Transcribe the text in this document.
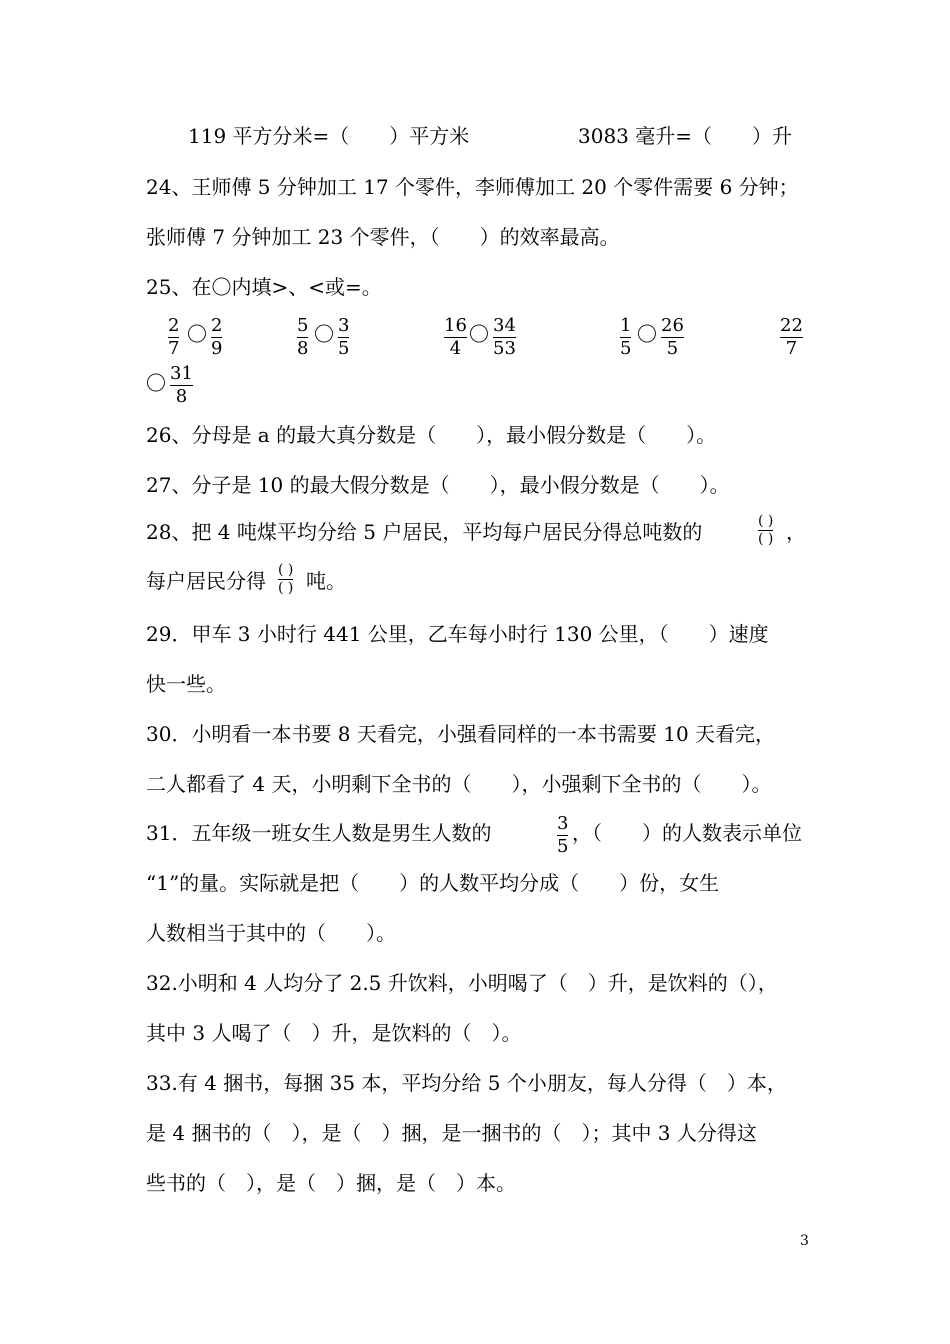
119 平方分米=（　　）平方米	3083 毫升=（　　）升
24、王师傅 5 分钟加工 17 个零件，李师傅加工 20 个零件需要 6 分钟；
张师傅 7 分钟加工 23 个零件，（　　）的效率最高。
25、在〇内填>、<或=。
2
7
〇 2
9
5
8
〇 3
5
16
4
〇 34
53
1
5
〇 26
5
22
7
〇 31
8
26、分母是 a 的最大真分数是（　　），最小假分数是（　　）。
27、分子是 10 的最大假分数是（　　），最小假分数是（　　）。
28、把 4 吨煤平均分给 5 户居民，平均每户居民分得总吨数的	( )
( ) ，
每户居民分得 ( )
( ) 吨。
29．甲车 3 小时行 441 公里，乙车每小时行 130 公里，（　　）速度
快一些。
30．小明看一本书要 8 天看完，小强看同样的一本书需要 10 天看完，
二人都看了 4 天，小明剩下全书的（　　），小强剩下全书的（　　）。
31．五年级一班女生人数是男生人数的	3
5
，（　　）的人数表示单位
“1”的量。实际就是把（　　）的人数平均分成（　　）份，女生
人数相当于其中的（　　）。
32.小明和 4 人均分了 2.5 升饮料，小明喝了（　）升，是饮料的（），
其中 3 人喝了（　）升，是饮料的（　）。
33.有 4 捆书，每捆 35 本，平均分给 5 个小朋友，每人分得（　）本，
是 4 捆书的（　），是（　）捆，是一捆书的（　）；其中 3 人分得这
些书的（　），是（　）捆，是（　）本。
3
